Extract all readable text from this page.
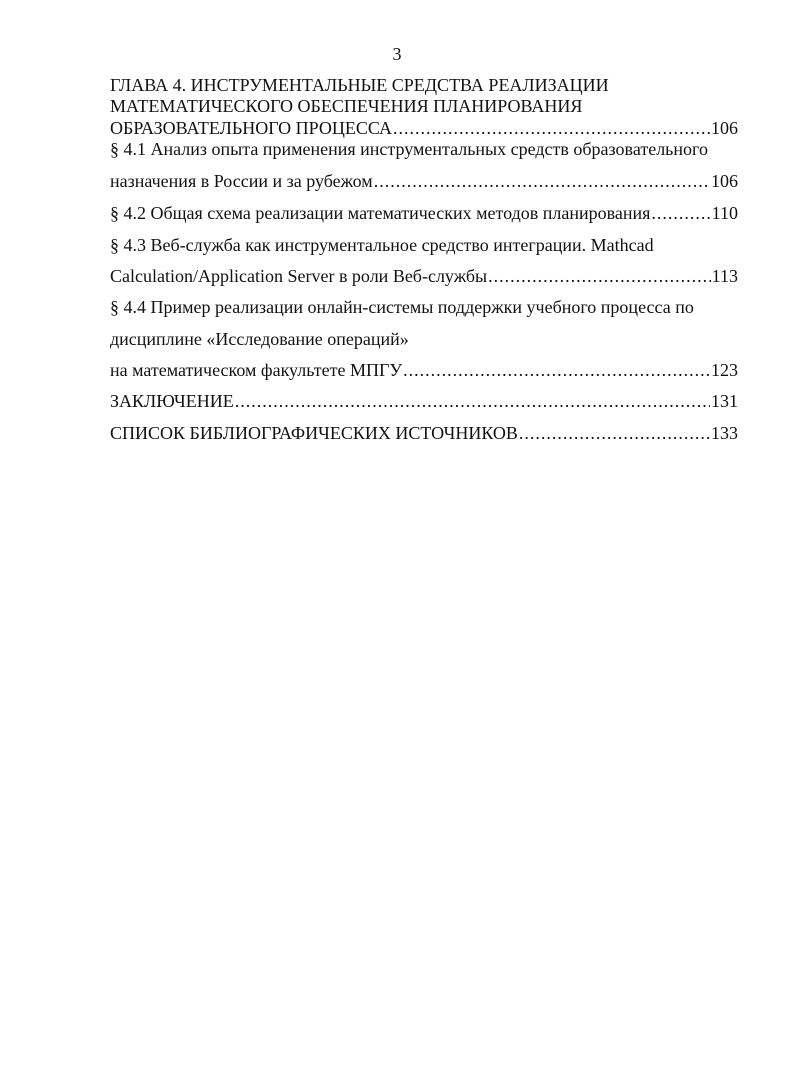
3
ГЛАВА 4. ИНСТРУМЕНТАЛЬНЫЕ СРЕДСТВА РЕАЛИЗАЦИИ
МАТЕМАТИЧЕСКОГО ОБЕСПЕЧЕНИЯ ПЛАНИРОВАНИЯ
ОБРАЗОВАТЕЛЬНОГО ПРОЦЕССА .....	106
§ 4.1 Анализ опыта применения инструментальных средств образовательного
назначения в России и за рубежом .....	106
§ 4.2 Общая схема реализации математических методов планирования .....	110
§ 4.3 Веб-служба как инструментальное средство интеграции. Mathcad
Calculation/Application Server в роли Веб-службы .....	113
§ 4.4 Пример реализации онлайн-системы поддержки учебного процесса по
дисциплине «Исследование операций»
на математическом факультете МПГУ .....	123
ЗАКЛЮЧЕНИЕ .....	131
СПИСОК БИБЛИОГРАФИЧЕСКИХ ИСТОЧНИКОВ .....	133
